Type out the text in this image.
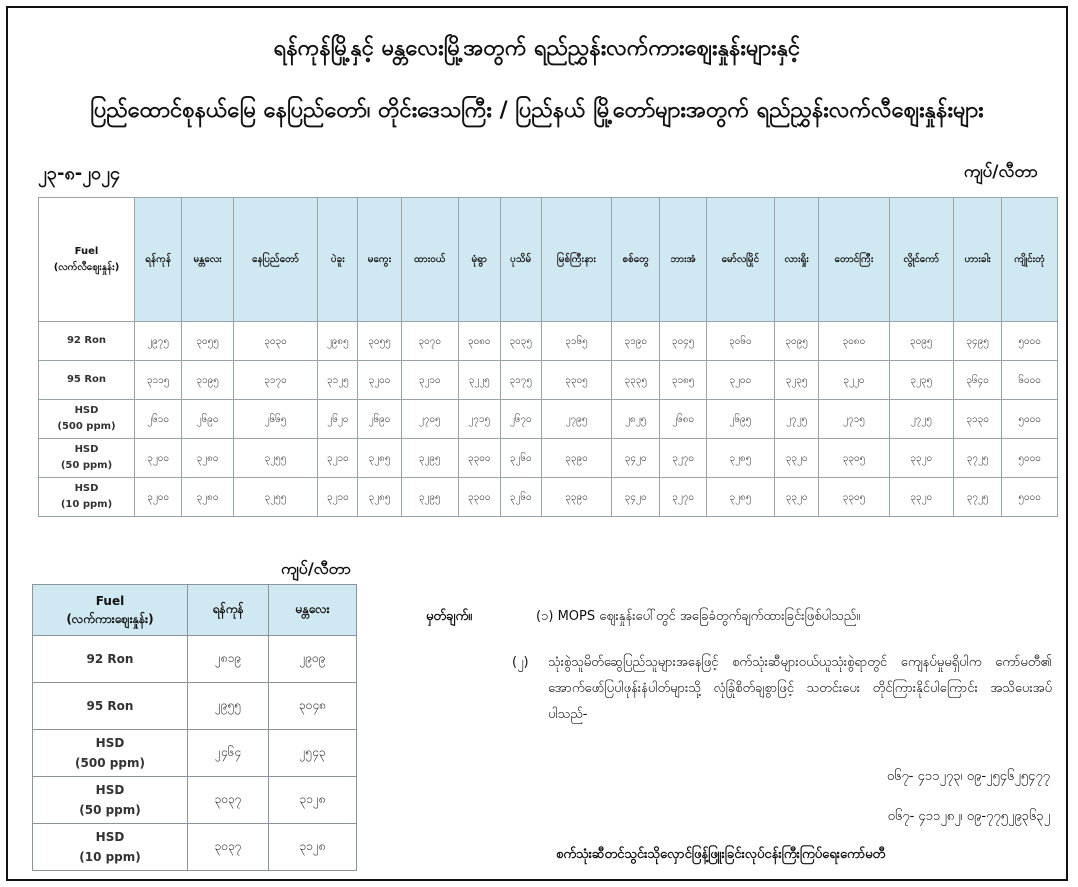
ရန်ကုန်မြို့နှင့် မန္တလေးမြို့အတွက် ရည်ညွှန်းလက်ကားဈေးနှုန်းများနှင့်
ပြည်ထောင်စုနယ်မြေ နေပြည်တော်၊ တိုင်းဒေသကြီး / ပြည်နယ် မြို့တော်များအတွက် ရည်ညွှန်းလက်လီဈေးနှုန်းများ
၂၃-၈-၂၀၂၄	ကျပ်/လီတာ
Fuel
(လက်လီဈေးနှုန်း)	ရန်ကုန်	မန္တလေး	နေပြည်တော်	ပဲခူး	မကွေး	ထားဝယ်	မုံရွာ	ပုသိမ်	မြစ်ကြီးနား	စစ်တွေ	ဘားအံ	မော်လမြိုင်	လားရှိုး	တောင်ကြီး	လွိုင်ကော်	ဟားခါး	ကျိုင်းတုံ
92 Ron	၂၉၇၅	၃၀၅၅	၃၀၃၀	၂၉၈၅	၃၀၅၅	၃၀၇၀	၃၀၈၀	၃၀၃၅	၃၁၆၅	၃၁၉၀	၃၀၄၅	၃၀၆၀	၃၀၉၅	၃၀၈၀	၃၀၉၅	၃၄၉၅	၅၀၀၀
95 Ron	၃၁၁၅	၃၁၉၅	၃၁၇၀	၃၁၂၅	၃၂၀၀	၃၂၁၀	၃၂၂၅	၃၁၇၅	၃၃၀၅	၃၃၃၅	၃၁၈၅	၃၂၀၀	၃၂၃၅	၃၂၂၀	၃၂၃၅	၃၆၄၀	၆၀၀၀
HSD
(500 ppm)	၂၆၁၀	၂၆၉၀	၂၆၆၅	၂၆၂၀	၂၆၉၀	၂၇၀၅	၂၇၁၅	၂၆၇၀	၂၇၉၅	၂၈၂၅	၂၆၈၀	၂၆၉၅	၂၇၂၅	၂၇၁၅	၂၇၂၅	၃၁၃၀	၅၀၀၀
HSD
(50 ppm)	၃၂၀၀	၃၂၈၀	၃၂၅၅	၃၂၁၀	၃၂၈၅	၃၂၉၅	၃၃၀၀	၃၂၆၀	၃၃၉၀	၃၄၂၀	၃၂၇၀	၃၂၈၅	၃၃၂၀	၃၃၀၅	၃၃၂၀	၃၇၂၅	၅၀၀၀
HSD
(10 ppm)	၃၂၀၀	၃၂၈၀	၃၂၅၅	၃၂၁၀	၃၂၈၅	၃၂၉၅	၃၃၀၀	၃၂၆၀	၃၃၉၀	၃၄၂၀	၃၂၇၀	၃၂၈၅	၃၃၂၀	၃၃၀၅	၃၃၂၀	၃၇၂၅	၅၀၀၀
ကျပ်/လီတာ
Fuel
(လက်ကားဈေးနှုန်း)	ရန်ကုန်	မန္တလေး
92 Ron	၂၈၁၉	၂၉၀၉
95 Ron	၂၉၅၅	၃၀၄၈
HSD
(500 ppm)	၂၄၆၄	၂၅၄၃
HSD
(50 ppm)	၃၀၃၇	၃၁၂၈
HSD
(10 ppm)	၃၀၃၇	၃၁၂၈
မှတ်ချက်။	(၁) MOPS ဈေးနှုန်းပေါ်တွင် အခြေခံတွက်ချက်ထားခြင်းဖြစ်ပါသည်။
(၂) သုံးစွဲသူမိတ်ဆွေပြည်သူများအနေဖြင့် စက်သုံးဆီများဝယ်ယူသုံးစွဲရာတွင် ကျေနပ်မှုမရှိပါက ကော်မတီ၏ အောက်ဖော်ပြပါဖုန်းနံပါတ်များသို့ လုံခြုံစိတ်ချစွာဖြင့် သတင်းပေး တိုင်ကြားနိုင်ပါကြောင်း အသိပေးအပ်ပါသည်-
၀၆၇- ၄၁၁၂၇၃၊ ၀၉-၂၅၄၆၂၅၄၇၇
၀၆၇- ၄၁၁၂၈၂၊ ၀၉-၇၇၅၂၉၃၆၃၂
စက်သုံးဆီတင်သွင်းသိုလှောင်ဖြန့်ဖြူးခြင်းလုပ်ငန်းကြီးကြပ်ရေးကော်မတီ
